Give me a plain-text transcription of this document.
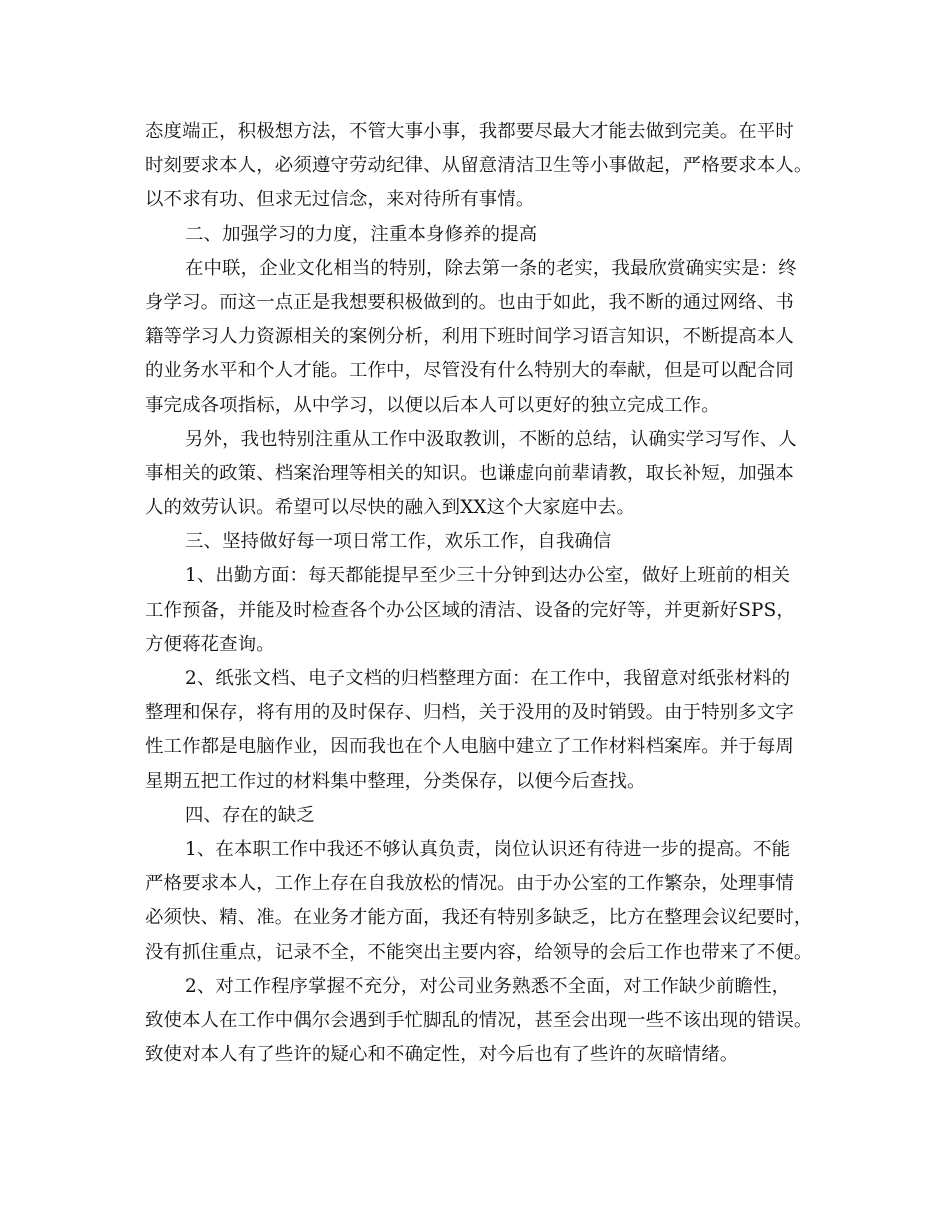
态度端正，积极想方法，不管大事小事，我都要尽最大才能去做到完美。在平时
时刻要求本人，必须遵守劳动纪律、从留意清洁卫生等小事做起，严格要求本人。
以不求有功、但求无过信念，来对待所有事情。
二、加强学习的力度，注重本身修养的提高
在中联，企业文化相当的特别，除去第一条的老实，我最欣赏确实实是：终
身学习。而这一点正是我想要积极做到的。也由于如此，我不断的通过网络、书
籍等学习人力资源相关的案例分析，利用下班时间学习语言知识，不断提高本人
的业务水平和个人才能。工作中，尽管没有什么特别大的奉献，但是可以配合同
事完成各项指标，从中学习，以便以后本人可以更好的独立完成工作。
另外，我也特别注重从工作中汲取教训，不断的总结，认确实学习写作、人
事相关的政策、档案治理等相关的知识。也谦虚向前辈请教，取长补短，加强本
人的效劳认识。希望可以尽快的融入到XX这个大家庭中去。
三、坚持做好每一项日常工作，欢乐工作，自我确信
1、出勤方面：每天都能提早至少三十分钟到达办公室，做好上班前的相关
工作预备，并能及时检查各个办公区域的清洁、设备的完好等，并更新好SPS，
方便蒋花查询。
2、纸张文档、电子文档的归档整理方面：在工作中，我留意对纸张材料的
整理和保存，将有用的及时保存、归档，关于没用的及时销毁。由于特别多文字
性工作都是电脑作业，因而我也在个人电脑中建立了工作材料档案库。并于每周
星期五把工作过的材料集中整理，分类保存，以便今后查找。
四、存在的缺乏
1、在本职工作中我还不够认真负责，岗位认识还有待进一步的提高。不能
严格要求本人，工作上存在自我放松的情况。由于办公室的工作繁杂，处理事情
必须快、精、准。在业务才能方面，我还有特别多缺乏，比方在整理会议纪要时，
没有抓住重点，记录不全，不能突出主要内容，给领导的会后工作也带来了不便。
2、对工作程序掌握不充分，对公司业务熟悉不全面，对工作缺少前瞻性，
致使本人在工作中偶尔会遇到手忙脚乱的情况，甚至会出现一些不该出现的错误。
致使对本人有了些许的疑心和不确定性，对今后也有了些许的灰暗情绪。
